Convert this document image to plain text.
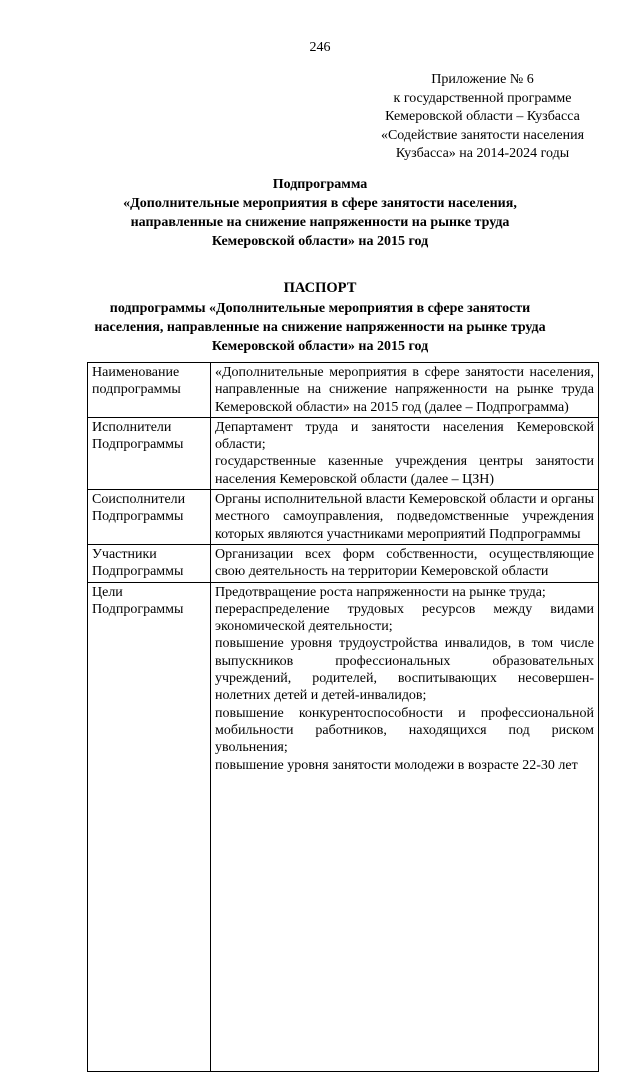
246
Приложение № 6
к государственной программе
Кемеровской области – Кузбасса
«Содействие занятости населения
Кузбасса» на 2014-2024 годы
Подпрограмма
«Дополнительные мероприятия в сфере занятости населения,
направленные на снижение напряженности на рынке труда
Кемеровской области» на 2015 год
ПАСПОРТ
подпрограммы «Дополнительные мероприятия в сфере занятости
населения, направленные на снижение напряженности на рынке труда
Кемеровской области» на 2015 год
Наименование подпрограммы	«Дополнительные мероприятия в сфере занятости населения, направленные на снижение напряженности на рынке труда Кемеровской области» на 2015 год (далее – Подпрограмма)

Исполнители Подпрограммы	Департамент труда и занятости населения Кемеровской области;
государственные казенные учреждения центры занятости населения Кемеровской области (далее – ЦЗН)

Соисполнители Подпрограммы	Органы исполнительной власти Кемеровской области и органы местного самоуправления, подведомственные учреждения которых являются участниками мероприятий Подпрограммы

Участники Подпрограммы	Организации всех форм собственности, осуществляющие свою деятельность на территории Кемеровской области

Цели Подпрограммы	Предотвращение роста напряженности на рынке труда;
перераспределение трудовых ресурсов между видами экономической деятельности;
повышение уровня трудоустройства инвалидов, в том числе выпускников профессиональных образовательных учреждений, родителей, воспитывающих несовершен-нолетних детей и детей-инвалидов;
повышение конкурентоспособности и профессиональной мобильности работников, находящихся под риском увольнения;
повышение уровня занятости молодежи в возрасте 22-30 лет
